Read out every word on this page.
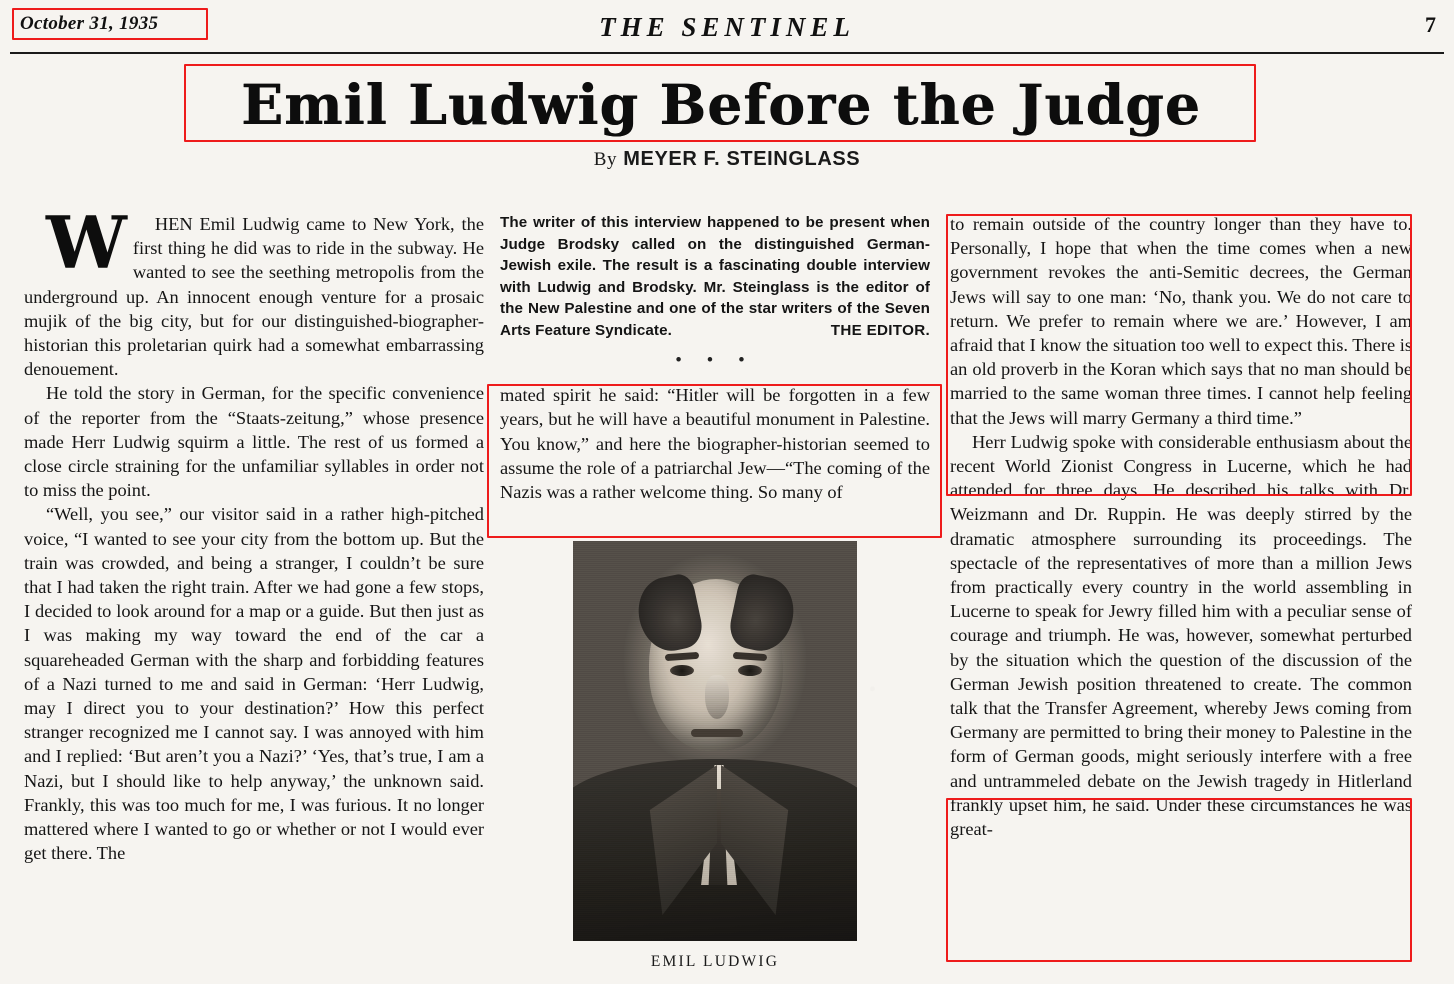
October 31, 1935	THE SENTINEL	7
Emil Ludwig Before the Judge
By MEYER F. STEINGLASS

W	HEN Emil Ludwig came to New York, the first thing he did was to ride in the subway. He wanted to see the seething metropolis from the underground up. An innocent enough venture for a prosaic mujik of the big city, but for our distinguished-biographer-historian this proletarian quirk had a somewhat embarrassing denouement.

He told the story in German, for the specific convenience of the reporter from the “Staats-zeitung,” whose presence made Herr Ludwig squirm a little. The rest of us formed a close circle straining for the unfamiliar syllables in order not to miss the point.

“Well, you see,” our visitor said in a rather high-pitched voice, “I wanted to see your city from the bottom up. But the train was crowded, and being a stranger, I couldn’t be sure that I had taken the right train. After we had gone a few stops, I decided to look around for a map or a guide. But then just as I was making my way toward the end of the car a squareheaded German with the sharp and forbidding features of a Nazi turned to me and said in German: ‘Herr Ludwig, may I direct you to your destination?’ How this perfect stranger recognized me I cannot say. I was annoyed with him and I replied: ‘But aren’t you a Nazi?’ ‘Yes, that’s true, I am a Nazi, but I should like to help anyway,’ the unknown said. Frankly, this was too much for me, I was furious. It no longer mattered where I wanted to go or whether or not I would ever get there. The

The writer of this interview happened to be present when Judge Brodsky called on the distinguished German-Jewish exile. The result is a fascinating double interview with Ludwig and Brodsky. Mr. Steinglass is the editor of the New Palestine and one of the star writers of the Seven Arts Feature Syndicate.	THE EDITOR.
• • •

mated spirit he said: “Hitler will be forgotten in a few years, but he will have a beautiful monument in Palestine. You know,” and here the biographer-historian seemed to assume the role of a patriarchal Jew—“The coming of the Nazis was a rather welcome thing. So many of

EMIL LUDWIG

to remain outside of the country longer than they have to. Personally, I hope that when the time comes when a new government revokes the anti-Semitic decrees, the German Jews will say to one man: ‘No, thank you. We do not care to return. We prefer to remain where we are.’ However, I am afraid that I know the situation too well to expect this. There is an old proverb in the Koran which says that no man should be married to the same woman three times. I cannot help feeling that the Jews will marry Germany a third time.”

Herr Ludwig spoke with considerable enthusiasm about the recent World Zionist Congress in Lucerne, which he had attended for three days. He described his talks with Dr. Weizmann and Dr. Ruppin. He was deeply stirred by the dramatic atmosphere surrounding its proceedings. The spectacle of the representatives of more than a million Jews from practically every country in the world assembling in Lucerne to speak for Jewry filled him with a peculiar sense of courage and triumph. He was, however, somewhat perturbed by the situation which the question of the discussion of the German Jewish position threatened to create. The common talk that the Transfer Agreement, whereby Jews coming from Germany are permitted to bring their money to Palestine in the form of German goods, might seriously interfere with a free and untrammeled debate on the Jewish tragedy in Hitlerland frankly upset him, he said. Under these circumstances he was great-
